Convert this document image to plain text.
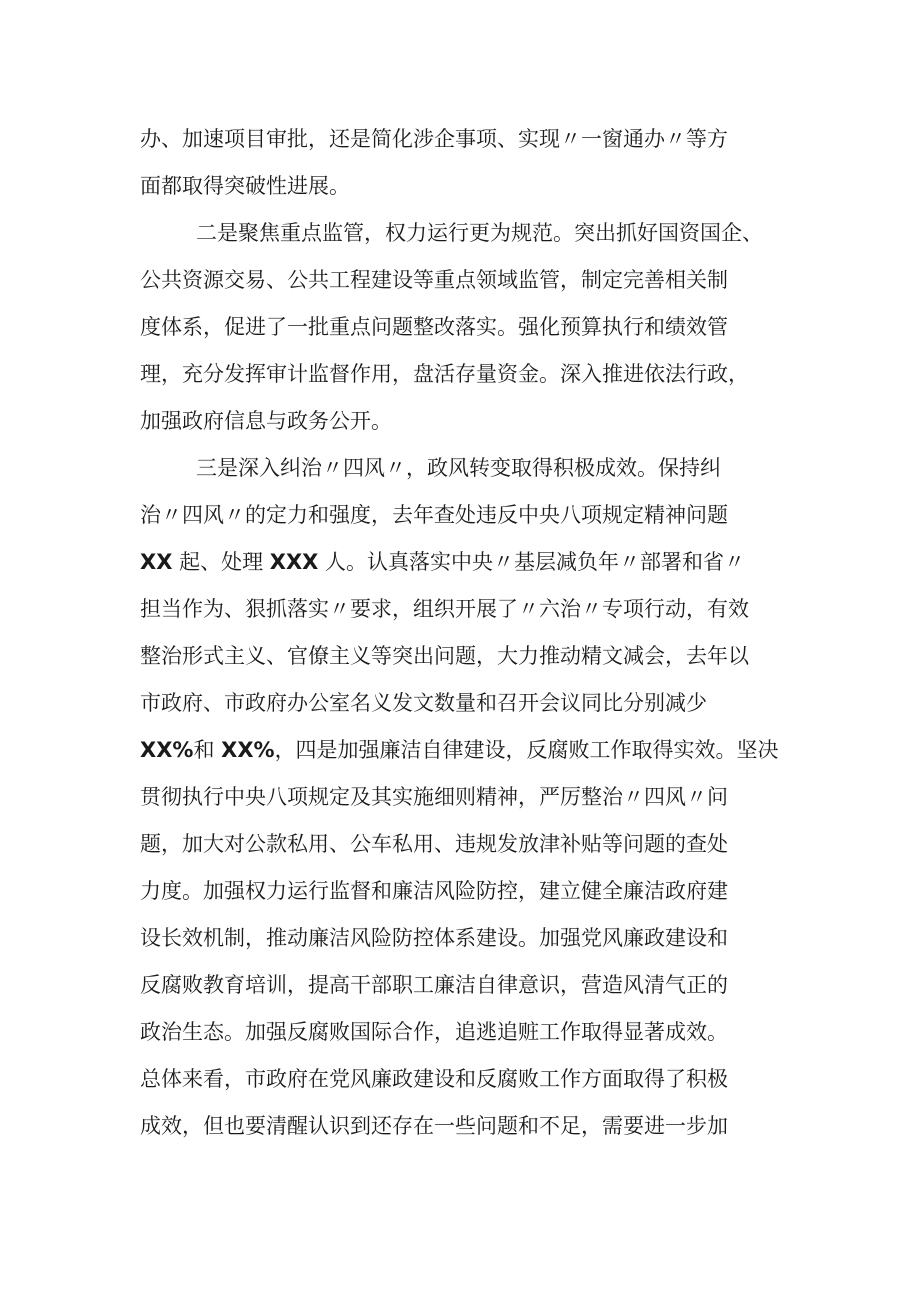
办、加速项目审批，还是简化涉企事项、实现〃一窗通办〃等方
面都取得突破性进展。
二是聚焦重点监管，权力运行更为规范。突出抓好国资国企、
公共资源交易、公共工程建设等重点领域监管，制定完善相关制
度体系，促进了一批重点问题整改落实。强化预算执行和绩效管
理，充分发挥审计监督作用，盘活存量资金。深入推进依法行政，
加强政府信息与政务公开。
三是深入纠治〃四风〃，政风转变取得积极成效。保持纠
治〃四风〃的定力和强度，去年查处违反中央八项规定精神问题
XX 起、处理 XXX 人。认真落实中央〃基层减负年〃部署和省〃
担当作为、狠抓落实〃要求，组织开展了〃六治〃专项行动，有效
整治形式主义、官僚主义等突出问题，大力推动精文减会，去年以
市政府、市政府办公室名义发文数量和召开会议同比分别减少
XX%和 XX%，四是加强廉洁自律建设，反腐败工作取得实效。坚决
贯彻执行中央八项规定及其实施细则精神，严厉整治〃四风〃问
题，加大对公款私用、公车私用、违规发放津补贴等问题的查处
力度。加强权力运行监督和廉洁风险防控，建立健全廉洁政府建
设长效机制，推动廉洁风险防控体系建设。加强党风廉政建设和
反腐败教育培训，提高干部职工廉洁自律意识，营造风清气正的
政治生态。加强反腐败国际合作，追逃追赃工作取得显著成效。
总体来看，市政府在党风廉政建设和反腐败工作方面取得了积极
成效，但也要清醒认识到还存在一些问题和不足，需要进一步加
